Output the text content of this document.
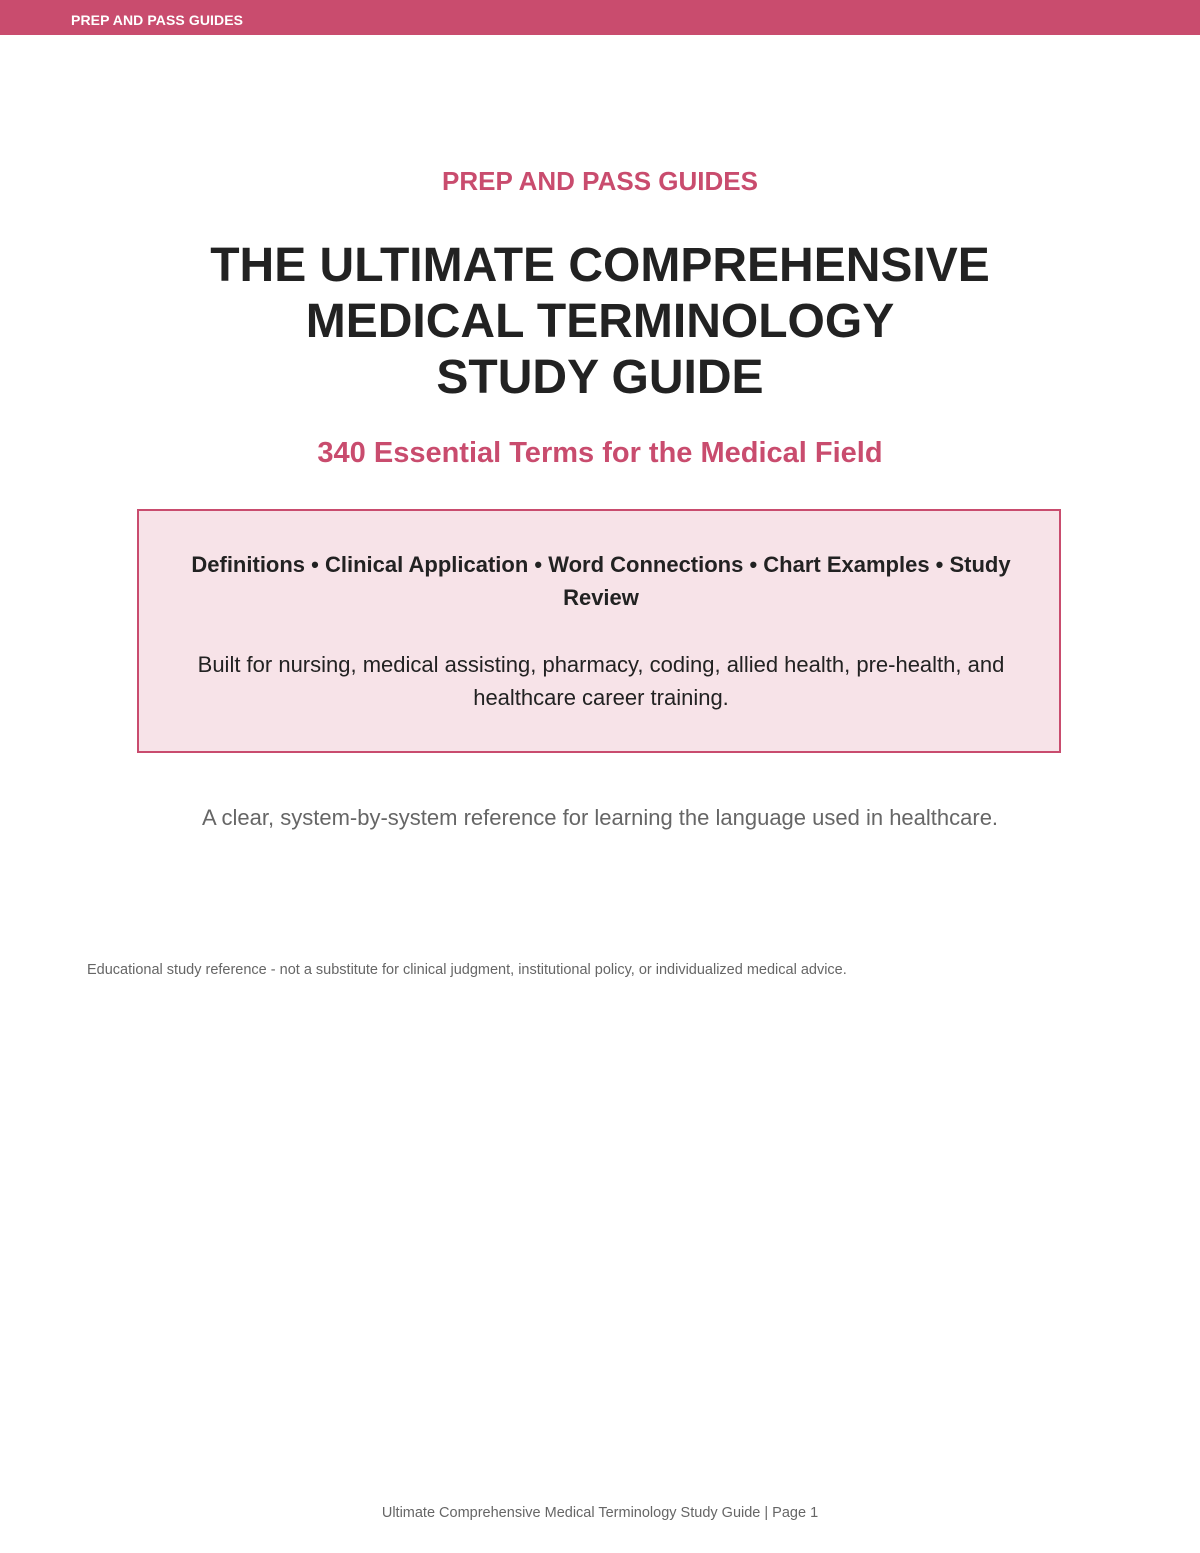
PREP AND PASS GUIDES
PREP AND PASS GUIDES
THE ULTIMATE COMPREHENSIVE
MEDICAL TERMINOLOGY
STUDY GUIDE
340 Essential Terms for the Medical Field
Definitions • Clinical Application • Word Connections • Chart Examples • Study Review
Built for nursing, medical assisting, pharmacy, coding, allied health, pre-health, and healthcare career training.
A clear, system-by-system reference for learning the language used in healthcare.
Educational study reference - not a substitute for clinical judgment, institutional policy, or individualized medical advice.
Ultimate Comprehensive Medical Terminology Study Guide | Page 1
